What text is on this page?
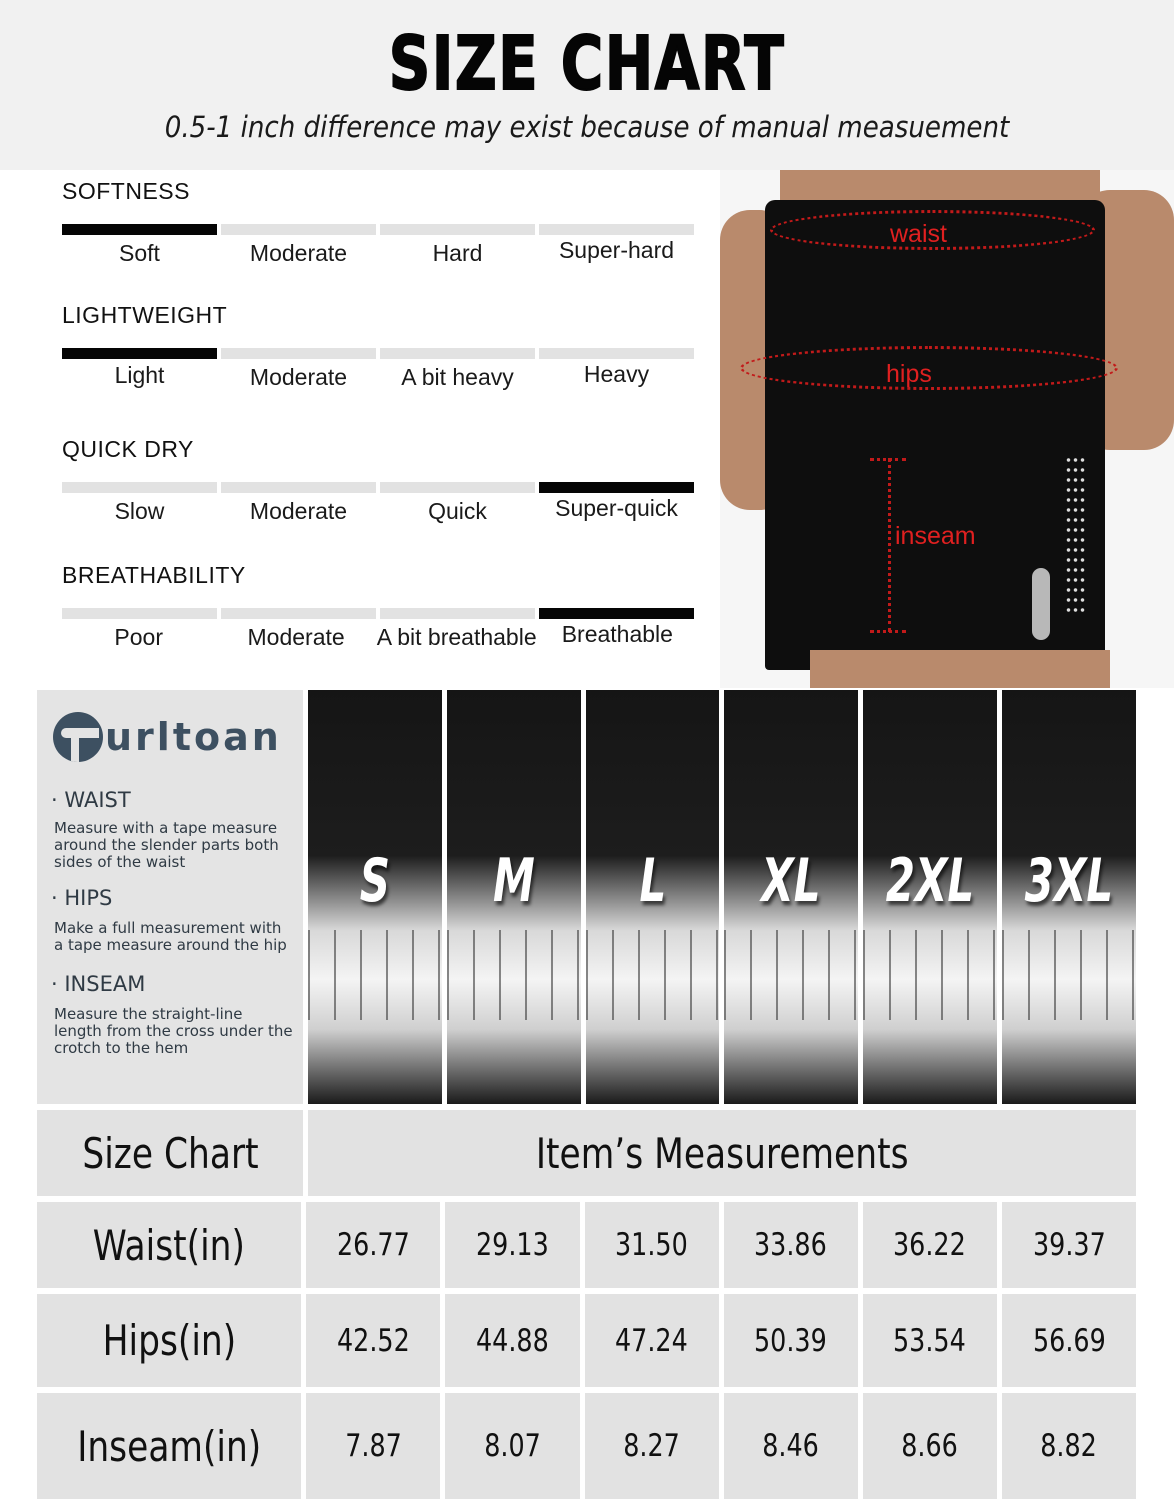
SIZE CHART
0.5-1 inch difference may exist because of manual measuement
SOFTNESS
Soft	Moderate	Hard	Super-hard
LIGHTWEIGHT
Light	Moderate	A bit heavy	Heavy
QUICK DRY
Slow	Moderate	Quick	Super-quick
BREATHABILITY
Poor	Moderate	A bit breathable	Breathable
waist
hips
inseam
urltoan
· WAIST
Measure with a tape measure around the slender parts both sides of the waist
· HIPS
Make a full measurement with a tape measure around the hip
· INSEAM
Measure the straight-line length from the cross under the crotch to the hem
S	M	L	XL 2XL 3XL
Size Chart	Item’s Measurements
Waist(in)	26.77 29.13 31.50 33.86 36.22 39.37
Hips(in)	42.52 44.88 47.24 50.39 53.54 56.69
Inseam(in)	7.87	8.07	8.27	8.46	8.66	8.82
